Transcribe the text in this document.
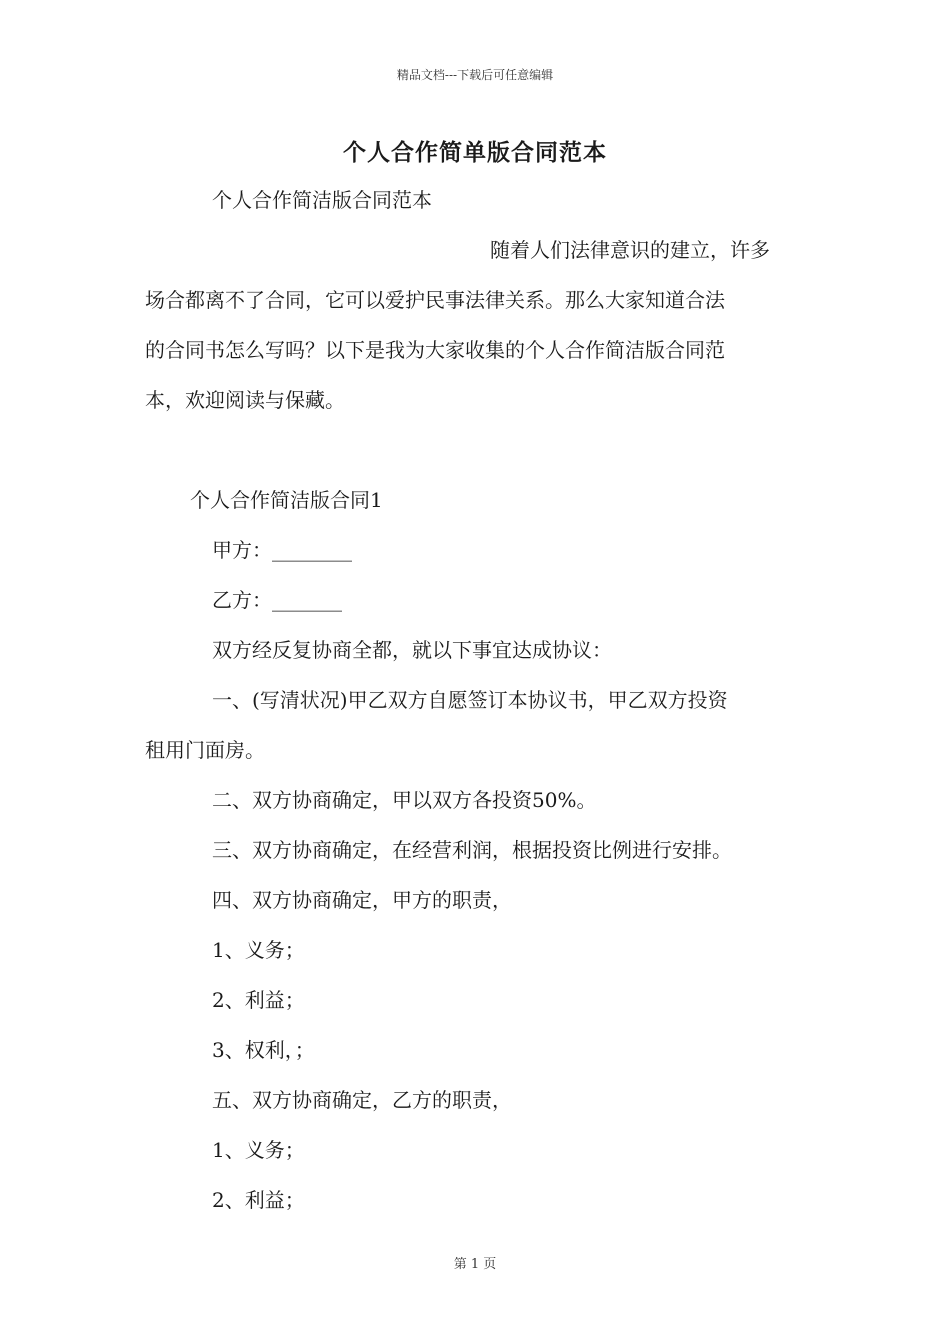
精品文档---下载后可任意编辑
个人合作简单版合同范本
个人合作简洁版合同范本
随着人们法律意识的建立，许多
场合都离不了合同，它可以爱护民事法律关系。那么大家知道合法
的合同书怎么写吗？以下是我为大家收集的个人合作简洁版合同范
本，欢迎阅读与保藏。
个人合作简洁版合同1
甲方：________
乙方：_______
双方经反复协商全都，就以下事宜达成协议：
一、(写清状况)甲乙双方自愿签订本协议书，甲乙双方投资
租用门面房。
二、双方协商确定，甲以双方各投资50%。
三、双方协商确定，在经营利润，根据投资比例进行安排。
四、双方协商确定，甲方的职责，
1、义务；
2、利益；
3、权利，；
五、双方协商确定，乙方的职责，
1、义务；
2、利益；
第 1 页
